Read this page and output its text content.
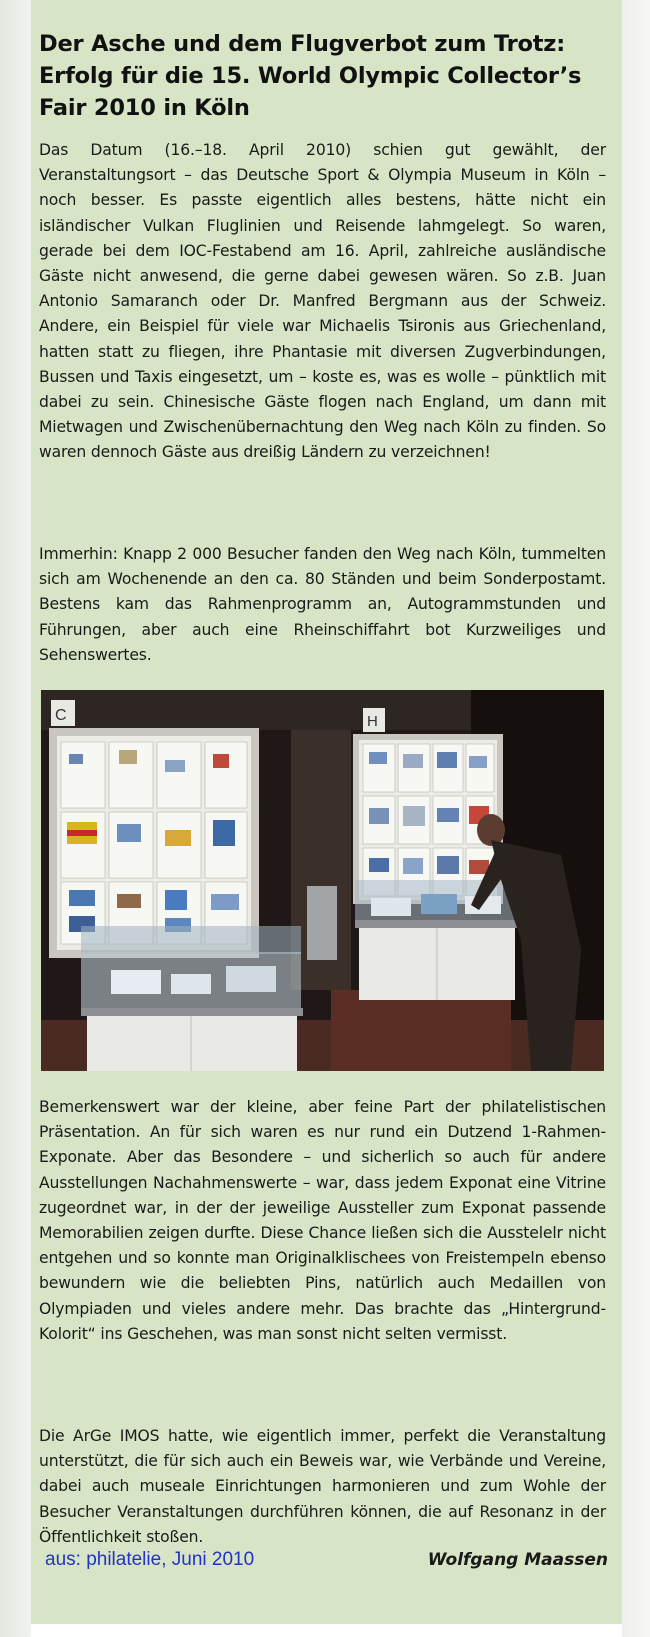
Der Asche und dem Flugverbot zum Trotz: Erfolg für die 15. World Olympic Collector’s Fair 2010 in Köln

Das Datum (16.–18. April 2010) schien gut gewählt, der Veranstaltungsort – das Deutsche Sport & Olympia Museum in Köln – noch besser. Es passte eigentlich alles bestens, hätte nicht ein isländischer Vulkan Fluglinien und Reisende lahmgelegt. So waren, gerade bei dem IOC-Festabend am 16. April, zahlreiche ausländische Gäste nicht anwesend, die gerne dabei gewesen wären. So z.B. Juan Antonio Samaranch oder Dr. Manfred Bergmann aus der Schweiz. Andere, ein Beispiel für viele war Michaelis Tsironis aus Griechenland, hatten statt zu fliegen, ihre Phantasie mit diversen Zugverbindungen, Bussen und Taxis eingesetzt, um – koste es, was es wolle – pünktlich mit dabei zu sein. Chinesische Gäste flogen nach England, um dann mit Mietwagen und Zwischenübernachtung den Weg nach Köln zu finden. So waren dennoch Gäste aus dreißig Ländern zu verzeichnen!

Immerhin: Knapp 2 000 Besucher fanden den Weg nach Köln, tummelten sich am Wochenende an den ca. 80 Ständen und beim Sonderpostamt. Bestens kam das Rahmenprogramm an, Autogrammstunden und Führungen, aber auch eine Rheinschiffahrt bot Kurzweiliges und Sehenswertes.

C	H

Bemerkenswert war der kleine, aber feine Part der philatelistischen Präsentation. An für sich waren es nur rund ein Dutzend 1-Rahmen-Exponate. Aber das Besondere – und sicherlich so auch für andere Ausstellungen Nachahmenswerte – war, dass jedem Exponat eine Vitrine zugeordnet war, in der der jeweilige Aussteller zum Exponat passende Memorabilien zeigen durfte. Diese Chance ließen sich die Ausstelelr nicht entgehen und so konnte man Originalklischees von Freistempeln ebenso bewundern wie die beliebten Pins, natürlich auch Medaillen von Olympiaden und vieles andere mehr. Das brachte das „Hintergrund-Kolorit“ ins Geschehen, was man sonst nicht selten vermisst.

Die ArGe IMOS hatte, wie eigentlich immer, perfekt die Veranstaltung unterstützt, die für sich auch ein Beweis war, wie Verbände und Vereine, dabei auch museale Einrichtungen harmonieren und zum Wohle der Besucher Veranstaltungen durchführen können, die auf Resonanz in der Öffentlichkeit stoßen.

aus: philatelie, Juni 2010	Wolfgang Maassen
